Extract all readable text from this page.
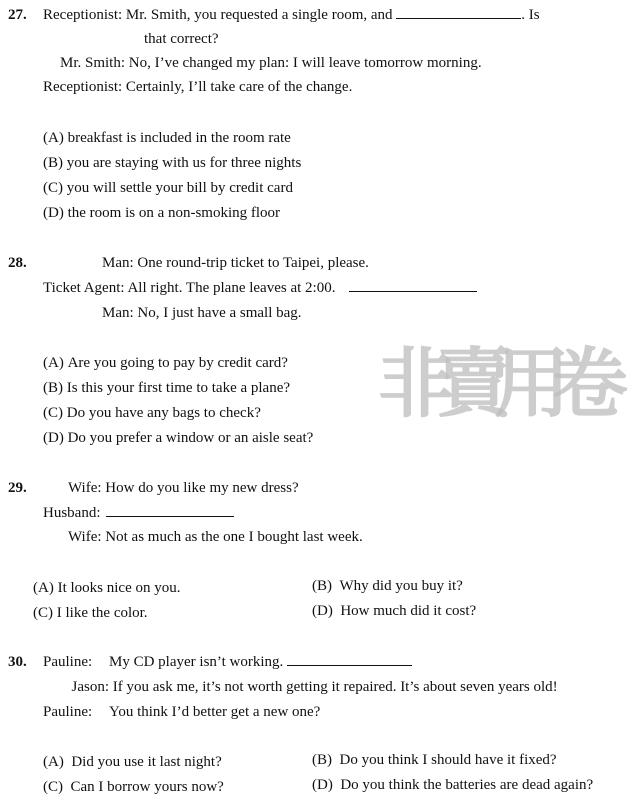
27. Receptionist: Mr. Smith, you requested a single room, and	. Is
that correct?
Mr. Smith: No, I’ve changed my plan: I will leave tomorrow morning.
Receptionist: Certainly, I’ll take care of the change.
(A) breakfast is included in the room rate
(B) you are staying with us for three nights
(C) you will settle your bill by credit card
(D) the room is on a non-smoking floor
28.	Man: One round-trip ticket to Taipei, please.
Ticket Agent: All right. The plane leaves at 2:00.
Man: No, I just have a small bag.
(A) Are you going to pay by credit card?
(B) Is this your first time to take a plane?
(C) Do you have any bags to check?
(D) Do you prefer a window or an aisle seat?
非
賣
用
卷
29.	Wife: How do you like my new dress?
Husband:
Wife: Not as much as the one I bought last week.
(A) It looks nice on you.	(B) Why did you buy it?
(C) I like the color.	(D) How much did it cost?
30. Pauline: My CD player isn’t working.
Jason: If you ask me, it’s not worth getting it repaired. It’s about seven years old!
Pauline: You think I’d better get a new one?
(A) Did you use it last night?	(B) Do you think I should have it fixed?
(C) Can I borrow yours now?	(D) Do you think the batteries are dead again?
